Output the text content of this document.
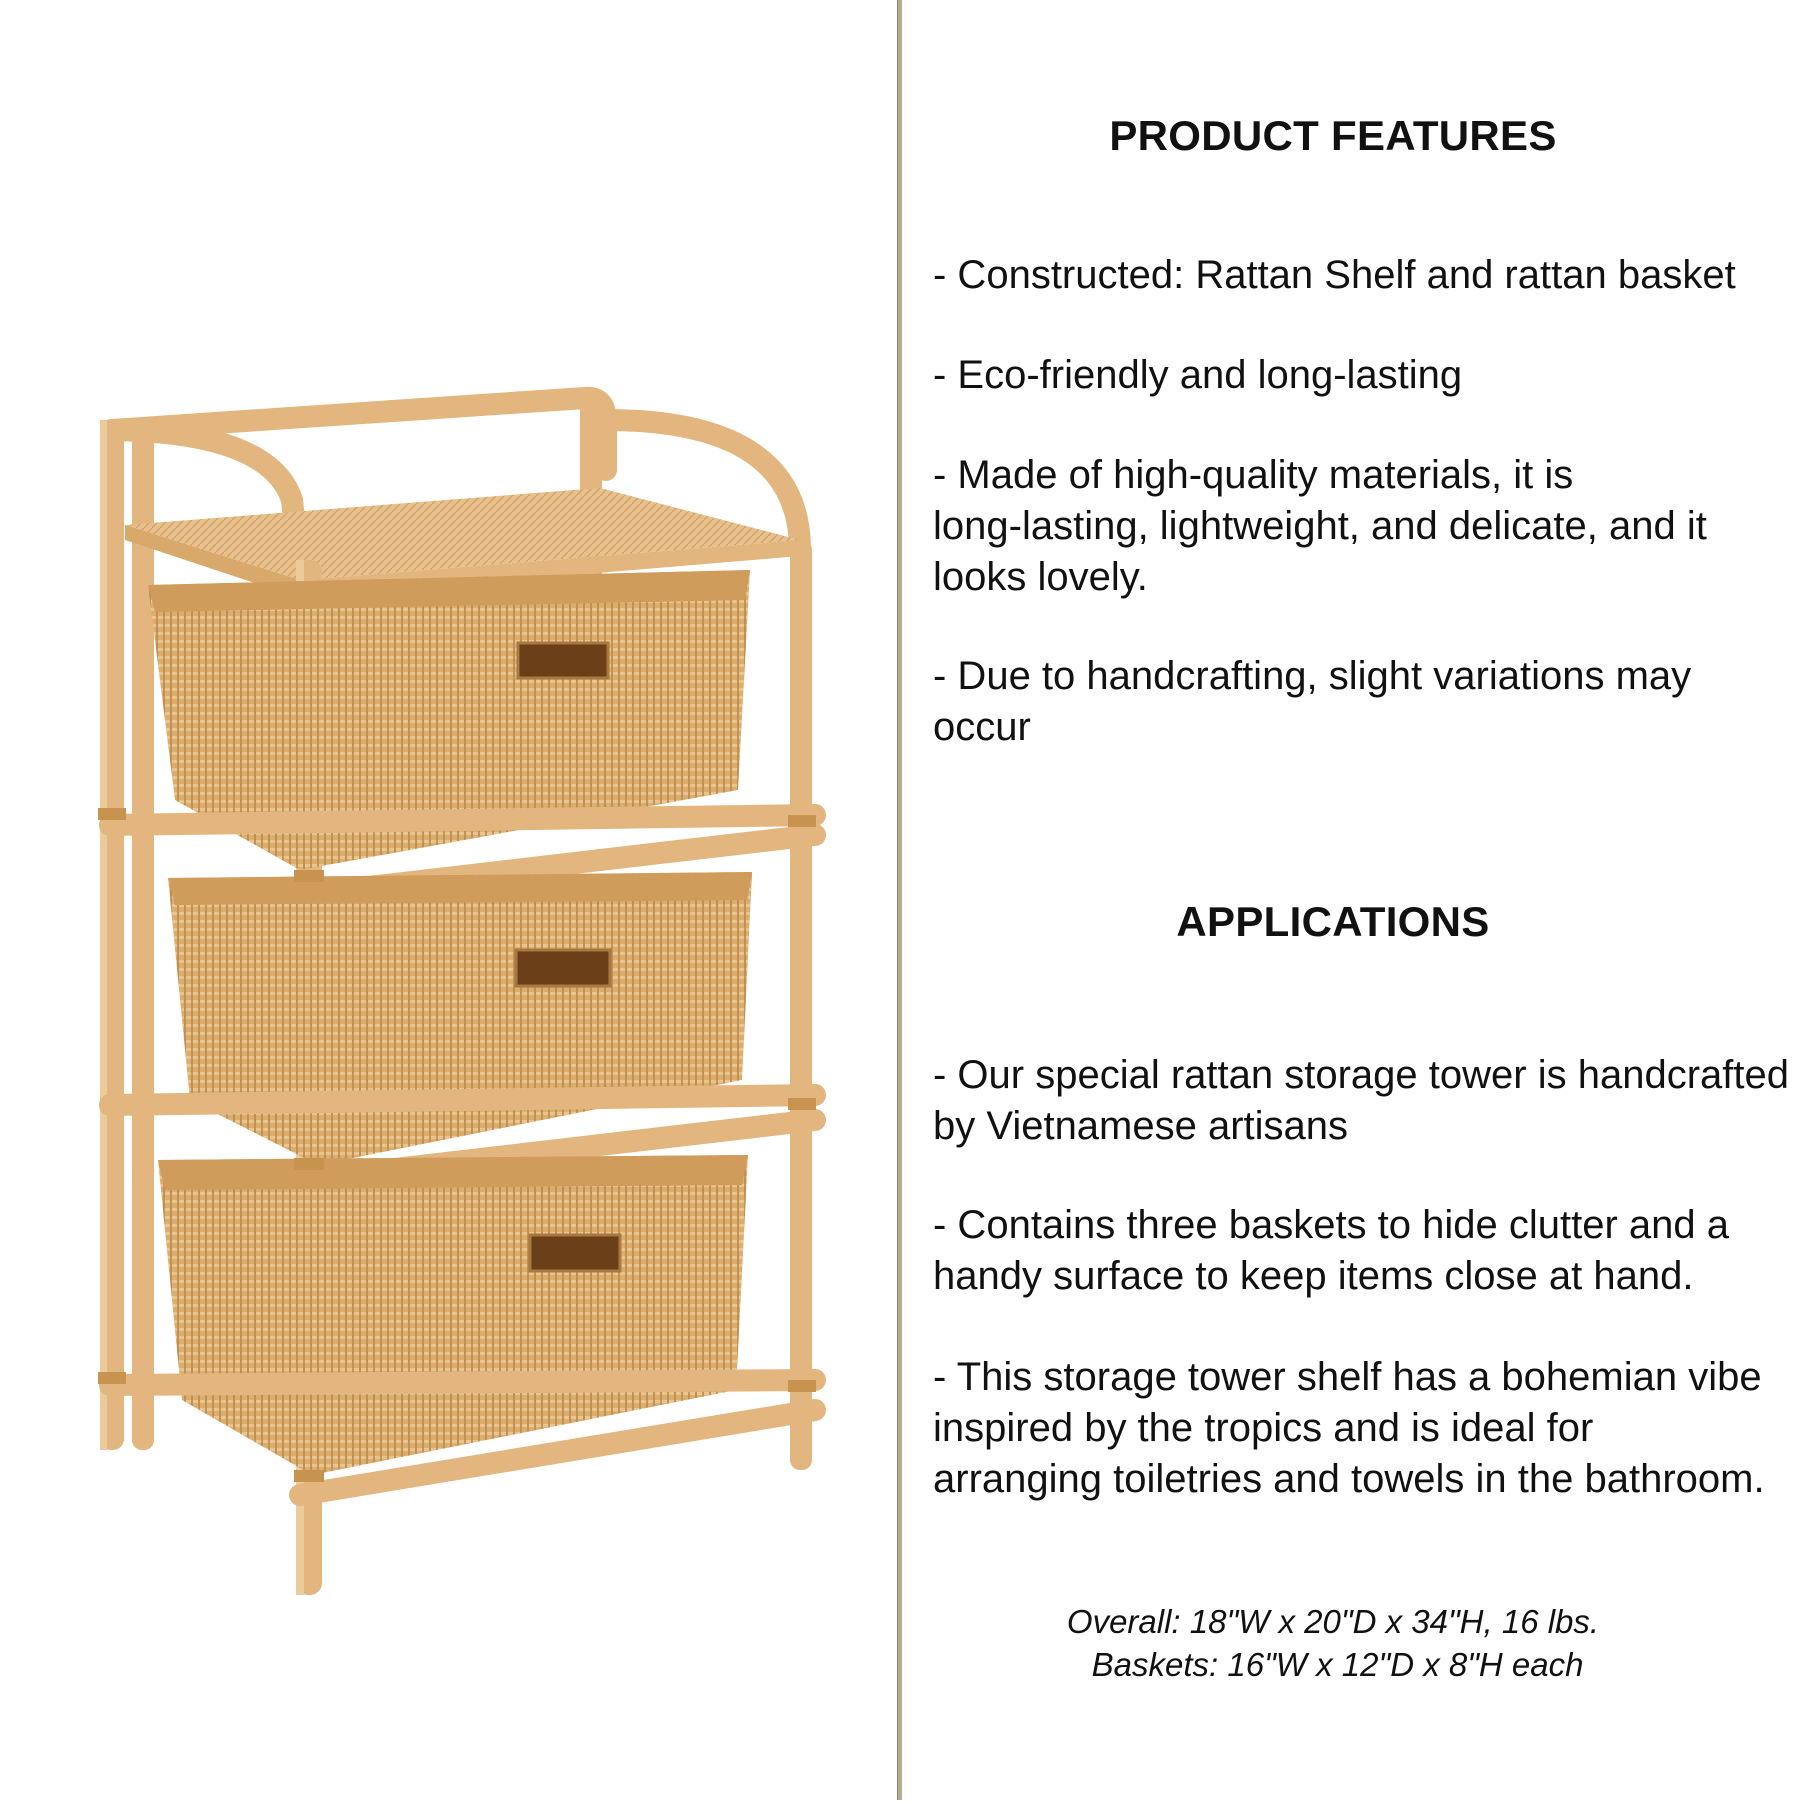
PRODUCT FEATURES
- Constructed: Rattan Shelf and rattan basket
- Eco-friendly and long-lasting
- Made of high-quality materials, it is
long-lasting, lightweight, and delicate, and it
looks lovely.
- Due to handcrafting, slight variations may
occur
APPLICATIONS
- Our special rattan storage tower is handcrafted
by Vietnamese artisans
- Contains three baskets to hide clutter and a
handy surface to keep items close at hand.
- This storage tower shelf has a bohemian vibe
inspired by the tropics and is ideal for
arranging toiletries and towels in the bathroom.
Overall: 18"W x 20"D x 34"H, 16 lbs.
Baskets: 16"W x 12"D x 8"H each
